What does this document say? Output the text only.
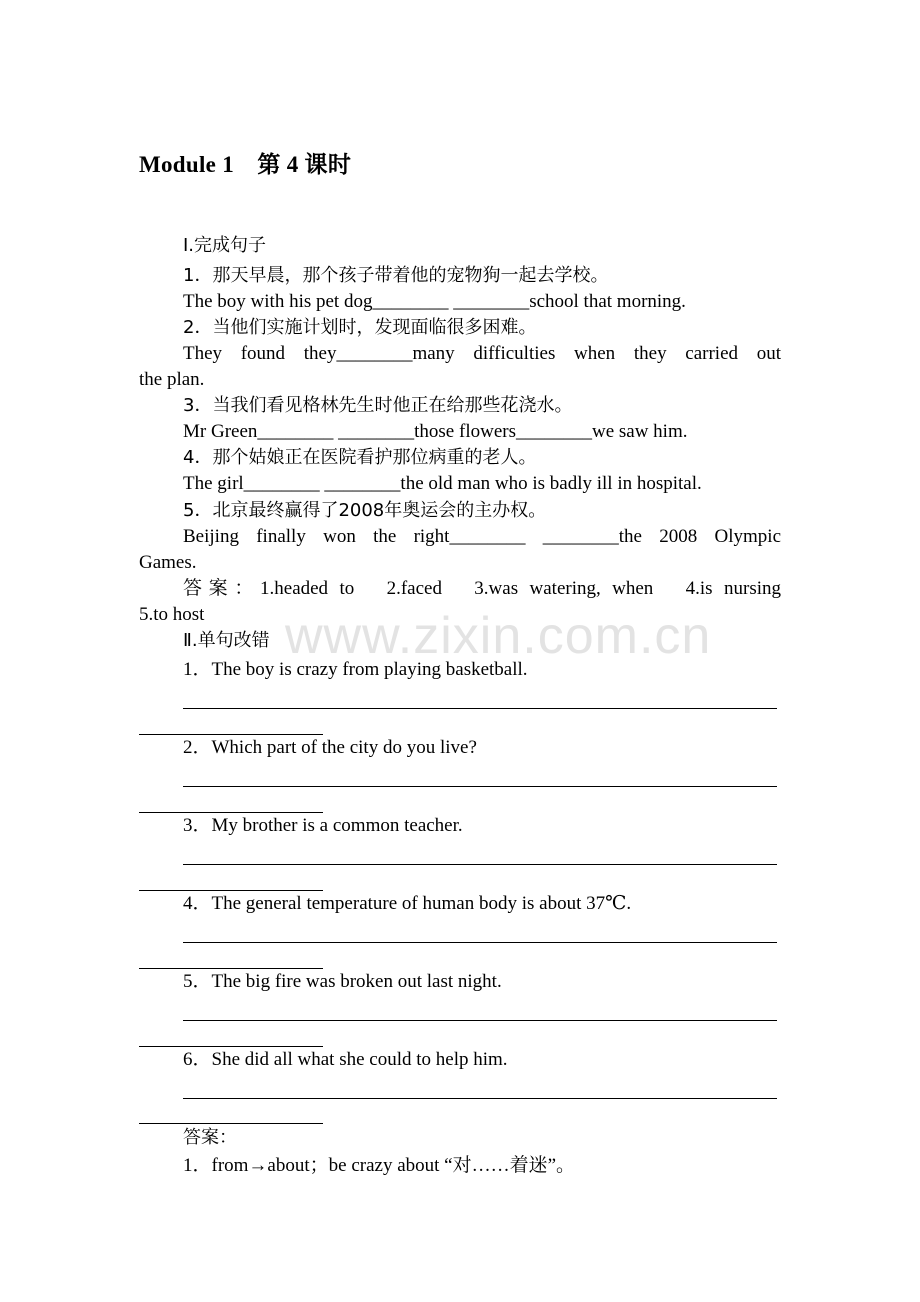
Module 1　第 4 课时
Ⅰ.完成句子
1．那天早晨，那个孩子带着他的宠物狗一起去学校。
The boy with his pet dog________ ________school that morning.
2．当他们实施计划时，发现面临很多困难。
They found they________many difficulties when they carried out
the plan.
3．当我们看见格林先生时他正在给那些花浇水。
Mr Green________ ________those flowers________we saw him.
4．那个姑娘正在医院看护那位病重的老人。
The girl________ ________the old man who is badly ill in hospital.
5．北京最终赢得了2008年奥运会的主办权。
Beijing finally won the right________ ________the 2008 Olympic
Games.
答案：1.headed to　2.faced　3.was watering, when　4.is nursing
5.to host www.zixin.com.cn
Ⅱ.单句改错
1．The boy is crazy from playing basketball.
2．Which part of the city do you live?
3．My brother is a common teacher.
4．The general temperature of human body is about 37℃.
5．The big fire was broken out last night.
6．She did all what she could to help him.
答案：
1．from→about；be crazy about “对……着迷”。
